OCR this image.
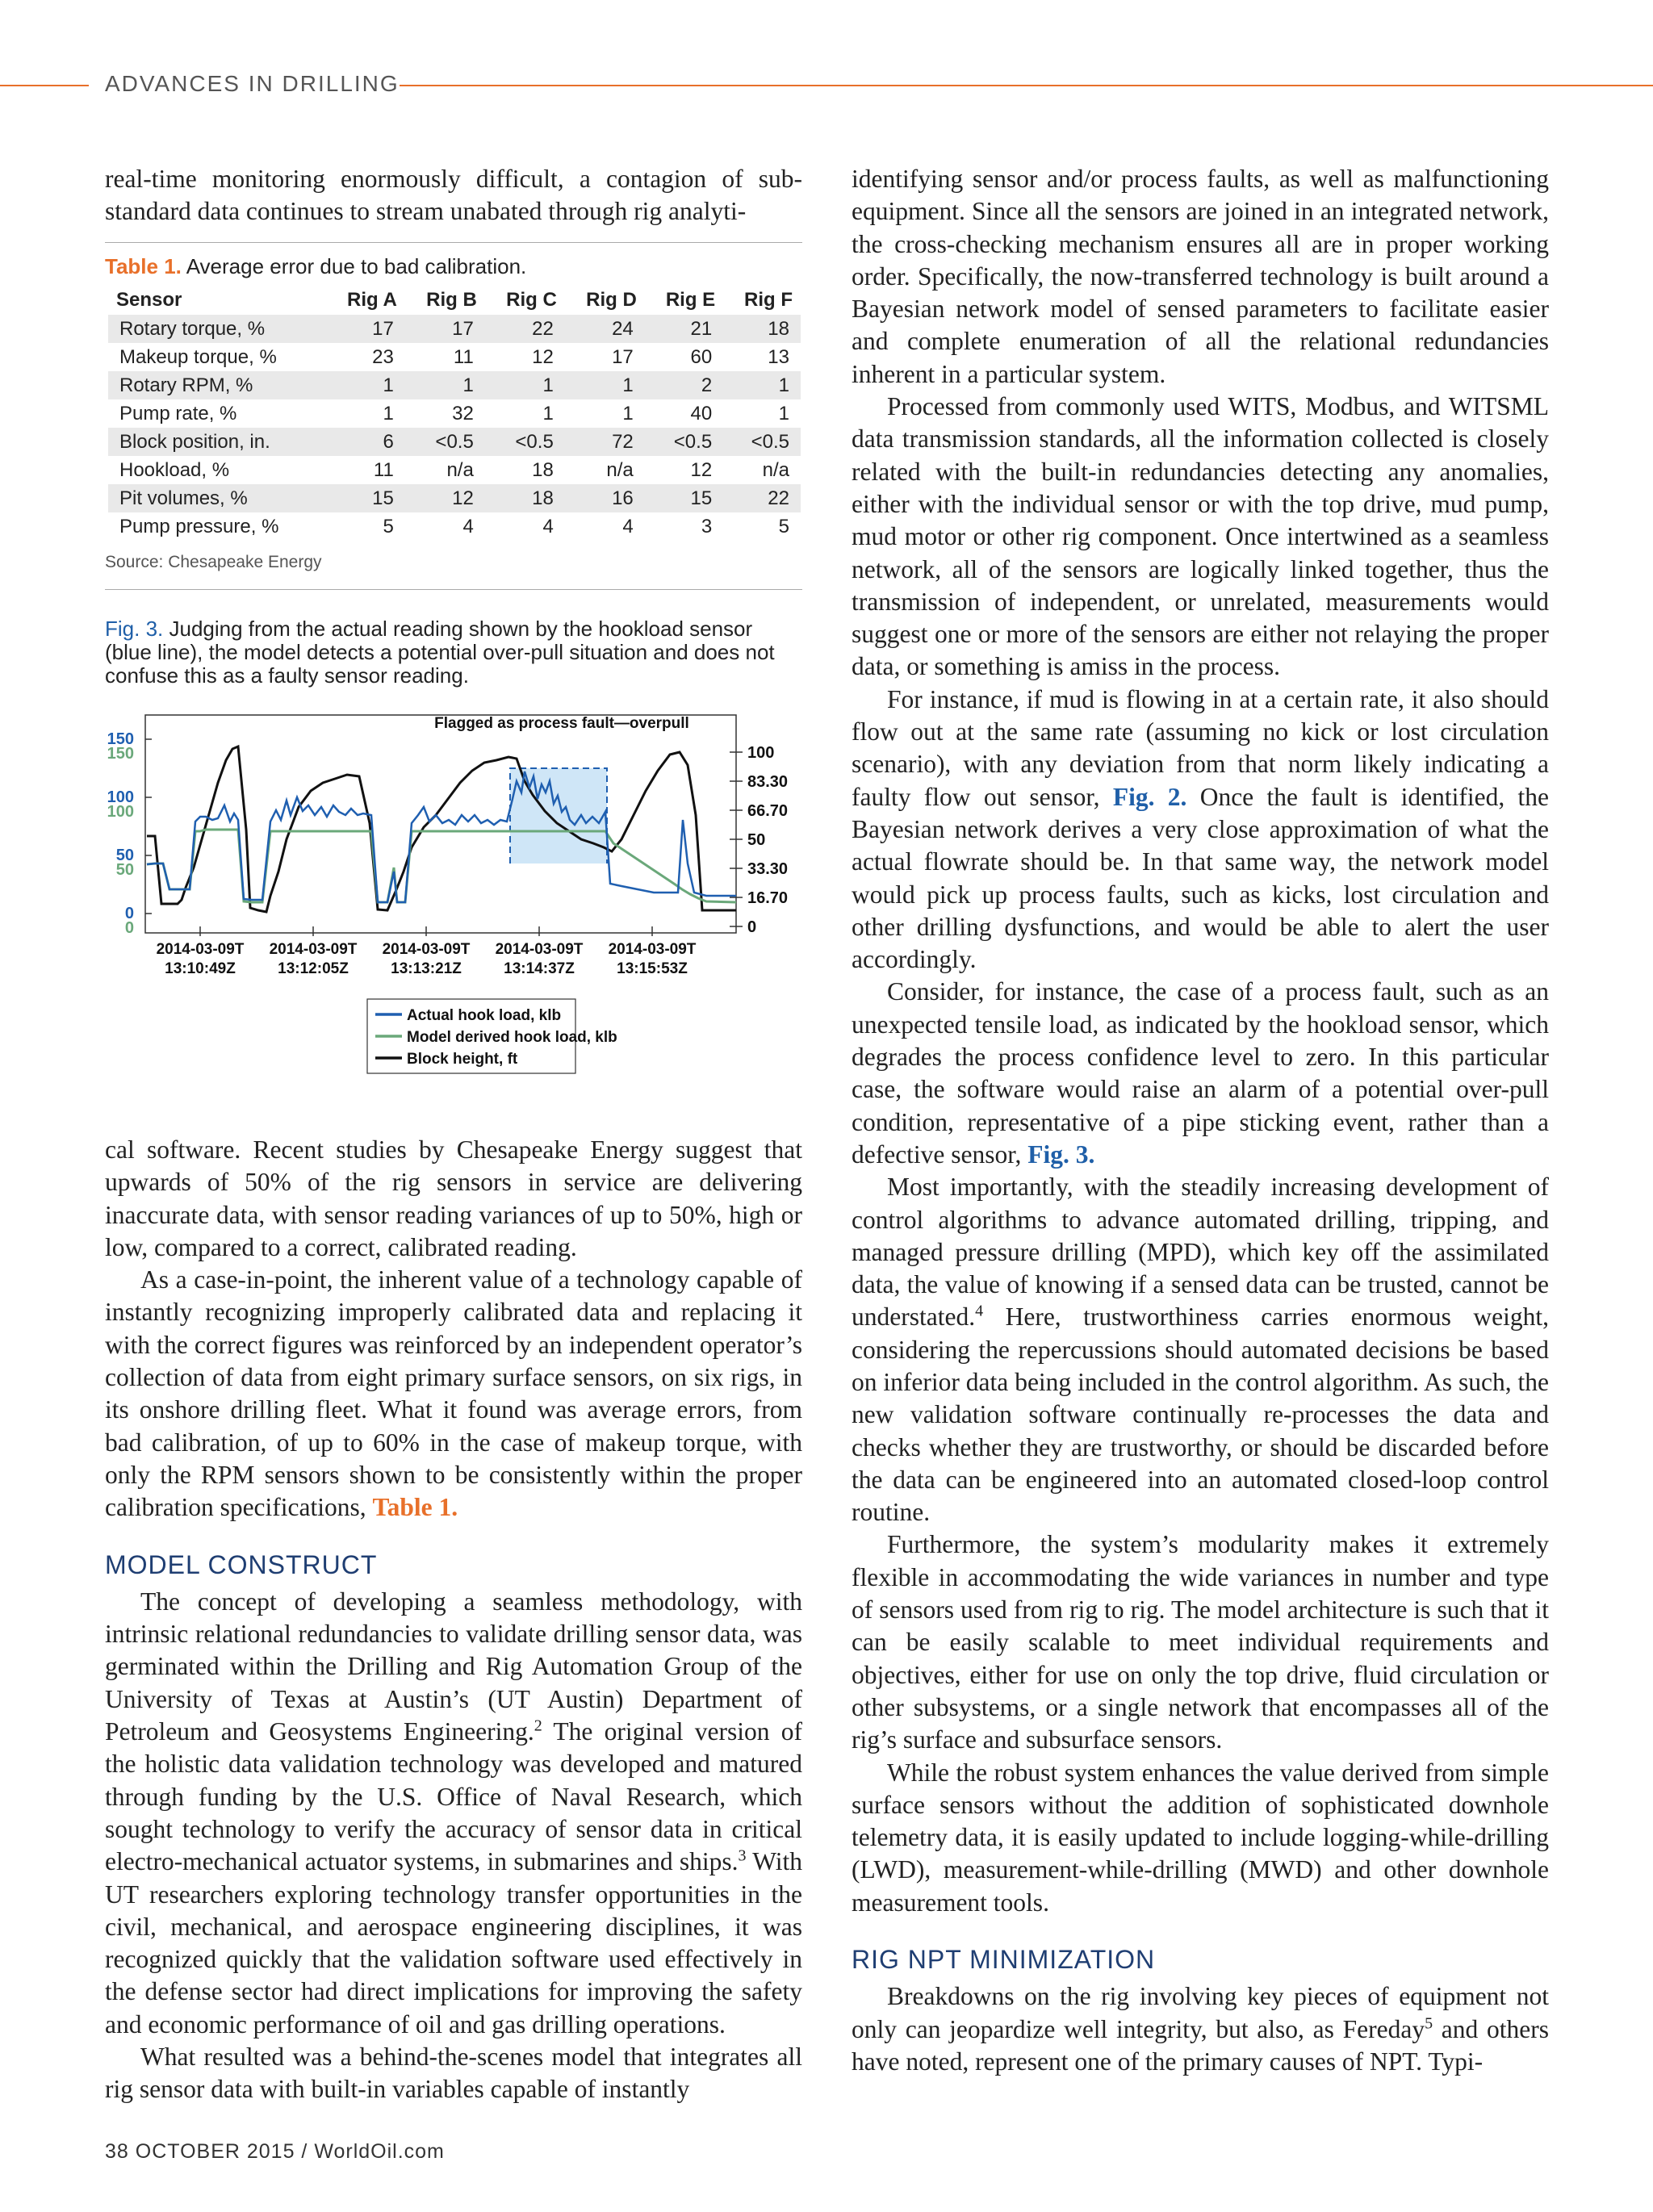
ADVANCES IN DRILLING

real-time monitoring enormously difficult, a contagion of sub-standard data continues to stream unabated through rig analyti-

Table 1. Average error due to bad calibration.
Sensor	Rig A	Rig B	Rig C	Rig D	Rig E	Rig F
Rotary torque, %	17	17	22	24	21	18
Makeup torque, %	23	11	12	17	60	13
Rotary RPM, %	1	1	1	1	2	1
Pump rate, %	1	32	1	1	40	1
Block position, in.	6	<0.5	<0.5	72	<0.5	<0.5
Hookload, %	11	n/a	18	n/a	12	n/a
Pit volumes, %	15	12	18	16	15	22
Pump pressure, %	5	4	4	4	3	5
Source: Chesapeake Energy
Fig. 3. Judging from the actual reading shown by the hookload sensor (blue line), the model detects a potential over-pull situation and does not confuse this as a faulty sensor reading.
Flagged as process fault—overpull
150
150
100
100
50
50
0
0
100
83.30
66.70
50
33.30
16.70
0
2014-03-09T
13:10:49Z
2014-03-09T
13:12:05Z
2014-03-09T
13:13:21Z
2014-03-09T
13:14:37Z
2014-03-09T
13:15:53Z
Actual hook load, klb
Model derived hook load, klb
Block height, ft

cal software. Recent studies by Chesapeake Energy suggest that upwards of 50% of the rig sensors in service are delivering inaccurate data, with sensor reading variances of up to 50%, high or low, compared to a correct, calibrated reading.

As a case-in-point, the inherent value of a technology capable of instantly recognizing improperly calibrated data and replacing it with the correct figures was reinforced by an independent operator’s collection of data from eight primary surface sensors, on six rigs, in its onshore drilling fleet. What it found was average errors, from bad calibration, of up to 60% in the case of makeup torque, with only the RPM sensors shown to be consistently within the proper calibration specifications, Table 1.

MODEL CONSTRUCT

The concept of developing a seamless methodology, with intrinsic relational redundancies to validate drilling sensor data, was germinated within the Drilling and Rig Automation Group of the University of Texas at Austin’s (UT Austin) Department of Petroleum and Geosystems Engineering.$^2$ The original version of the holistic data validation technology was developed and matured through funding by the U.S. Office of Naval Research, which sought technology to verify the accuracy of sensor data in critical electro-mechanical actuator systems, in submarines and ships.$^3$ With UT researchers exploring technology transfer opportunities in the civil, mechanical, and aerospace engineering disciplines, it was recognized quickly that the validation software used effectively in the defense sector had direct implications for improving the safety and economic performance of oil and gas drilling operations.

What resulted was a behind-the-scenes model that integrates all rig sensor data with built-in variables capable of instantly

identifying sensor and/or process faults, as well as malfunctioning equipment. Since all the sensors are joined in an integrated network, the cross-checking mechanism ensures all are in proper working order. Specifically, the now-transferred technology is built around a Bayesian network model of sensed parameters to facilitate easier and complete enumeration of all the relational redundancies inherent in a particular system.

Processed from commonly used WITS, Modbus, and WITSML data transmission standards, all the information collected is closely related with the built-in redundancies detecting any anomalies, either with the individual sensor or with the top drive, mud pump, mud motor or other rig component. Once intertwined as a seamless network, all of the sensors are logically linked together, thus the transmission of independent, or unrelated, measurements would suggest one or more of the sensors are either not relaying the proper data, or something is amiss in the process.

For instance, if mud is flowing in at a certain rate, it also should flow out at the same rate (assuming no kick or lost circulation scenario), with any deviation from that norm likely indicating a faulty flow out sensor, Fig. 2. Once the fault is identified, the Bayesian network derives a very close approximation of what the actual flowrate should be. In that same way, the network model would pick up process faults, such as kicks, lost circulation and other drilling dysfunctions, and would be able to alert the user accordingly.

Consider, for instance, the case of a process fault, such as an unexpected tensile load, as indicated by the hookload sensor, which degrades the process confidence level to zero. In this particular case, the software would raise an alarm of a potential over-pull condition, representative of a pipe sticking event, rather than a defective sensor, Fig. 3.

Most importantly, with the steadily increasing development of control algorithms to advance automated drilling, tripping, and managed pressure drilling (MPD), which key off the assimilated data, the value of knowing if a sensed data can be trusted, cannot be understated.$^4$ Here, trustworthiness carries enormous weight, considering the repercussions should automated decisions be based on inferior data being included in the control algorithm. As such, the new validation software continually re-processes the data and checks whether they are trustworthy, or should be discarded before the data can be engineered into an automated closed-loop control routine.

Furthermore, the system’s modularity makes it extremely flexible in accommodating the wide variances in number and type of sensors used from rig to rig. The model architecture is such that it can be easily scalable to meet individual requirements and objectives, either for use on only the top drive, fluid circulation or other subsystems, or a single network that encompasses all of the rig’s surface and subsurface sensors.

While the robust system enhances the value derived from simple surface sensors without the addition of sophisticated downhole telemetry data, it is easily updated to include logging-while-drilling (LWD), measurement-while-drilling (MWD) and other downhole measurement tools.

RIG NPT MINIMIZATION

Breakdowns on the rig involving key pieces of equipment not only can jeopardize well integrity, but also, as Fereday$^5$ and others have noted, represent one of the primary causes of NPT. Typi-

38 OCTOBER 2015 / WorldOil.com
